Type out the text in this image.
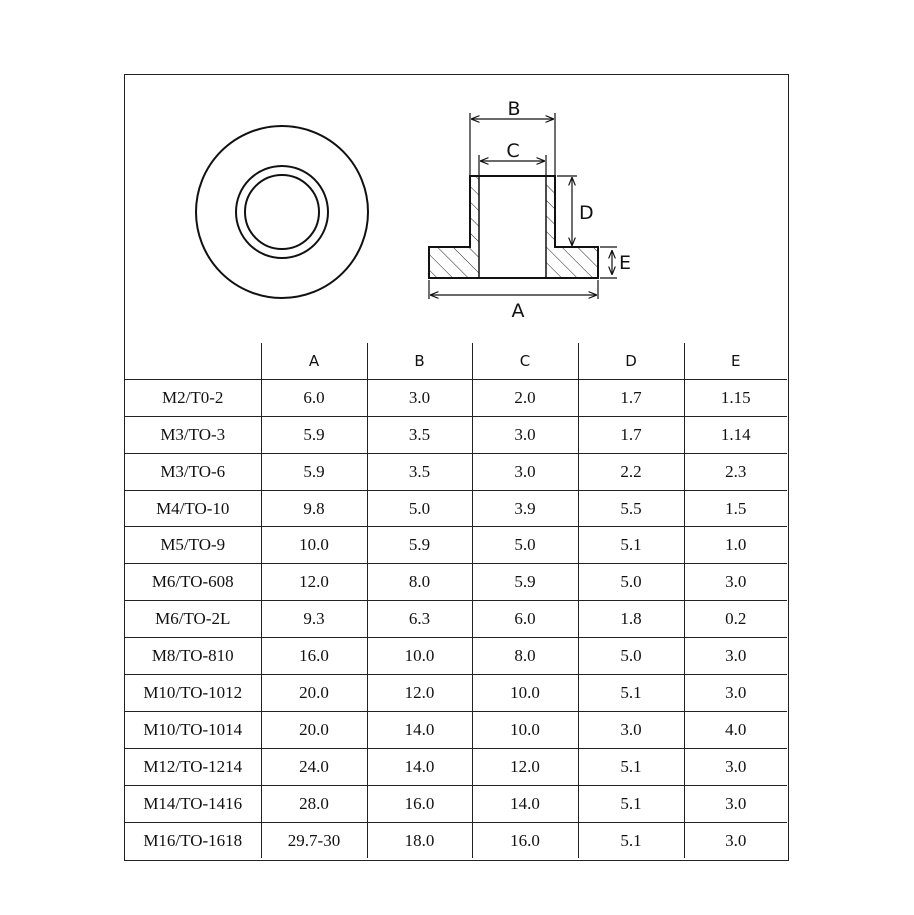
B
C
D
E
A
	A	B	C	D	E
M2/T0-2	6.0	3.0	2.0	1.7	1.15
M3/TO-3	5.9	3.5	3.0	1.7	1.14
M3/TO-6	5.9	3.5	3.0	2.2	2.3
M4/TO-10	9.8	5.0	3.9	5.5	1.5
M5/TO-9	10.0	5.9	5.0	5.1	1.0
M6/TO-608	12.0	8.0	5.9	5.0	3.0
M6/TO-2L	9.3	6.3	6.0	1.8	0.2
M8/TO-810	16.0	10.0	8.0	5.0	3.0
M10/TO-1012	20.0	12.0	10.0	5.1	3.0
M10/TO-1014	20.0	14.0	10.0	3.0	4.0
M12/TO-1214	24.0	14.0	12.0	5.1	3.0
M14/TO-1416	28.0	16.0	14.0	5.1	3.0
M16/TO-1618	29.7-30	18.0	16.0	5.1	3.0
